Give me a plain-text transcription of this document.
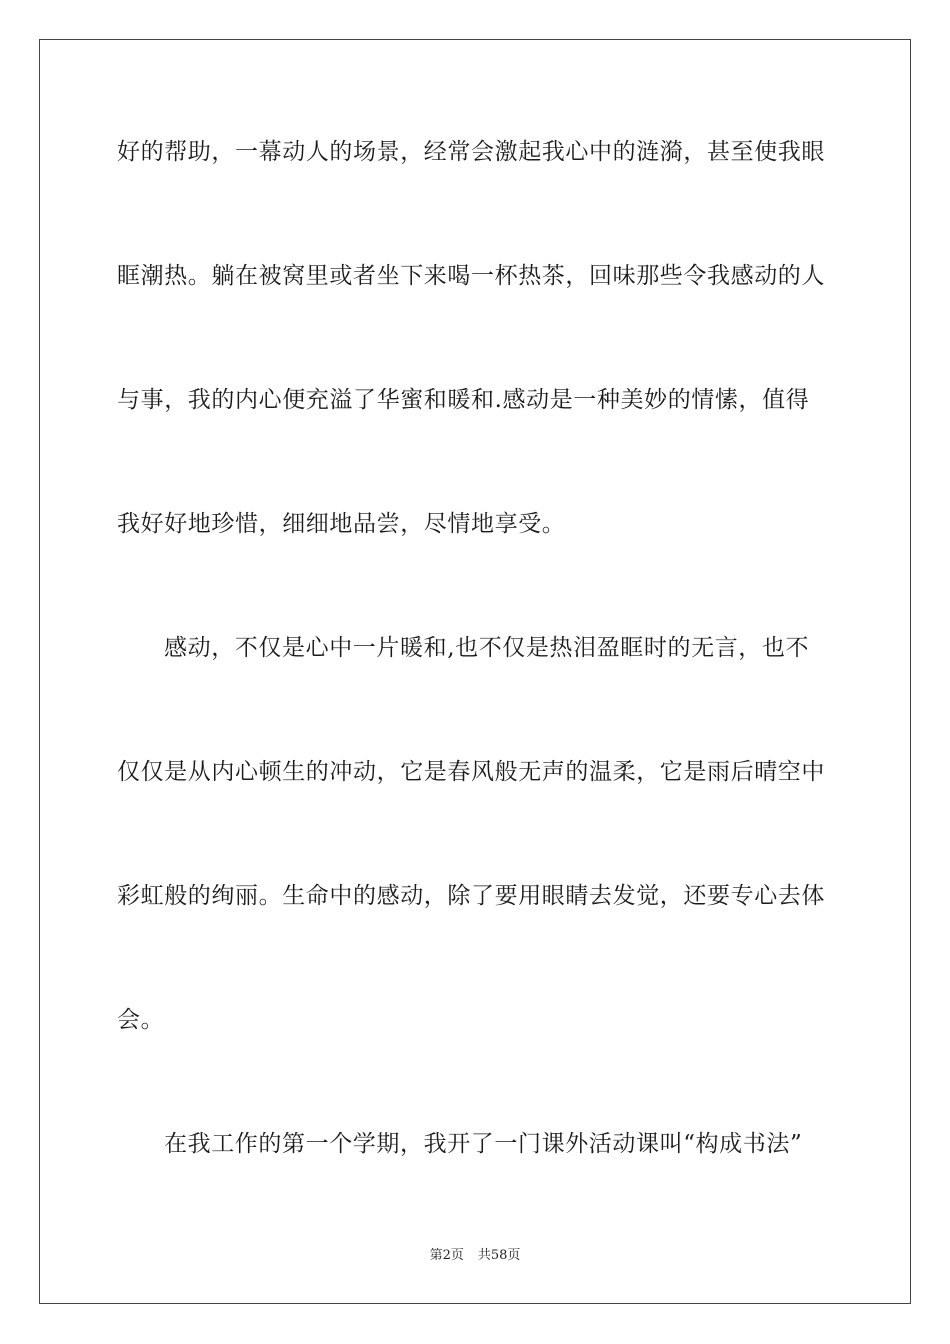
好的帮助，一幕动人的场景，经常会激起我心中的涟漪，甚至使我眼
眶潮热。躺在被窝里或者坐下来喝一杯热茶，回味那些令我感动的人
与事，我的内心便充溢了华蜜和暖和.感动是一种美妙的情愫，值得
我好好地珍惜，细细地品尝，尽情地享受。
感动，不仅是心中一片暖和,也不仅是热泪盈眶时的无言，也不
仅仅是从内心顿生的冲动，它是春风般无声的温柔，它是雨后晴空中
彩虹般的绚丽。生命中的感动，除了要用眼睛去发觉，还要专心去体
会。
在我工作的第一个学期，我开了一门课外活动课叫“构成书法”
第2页 共58页
